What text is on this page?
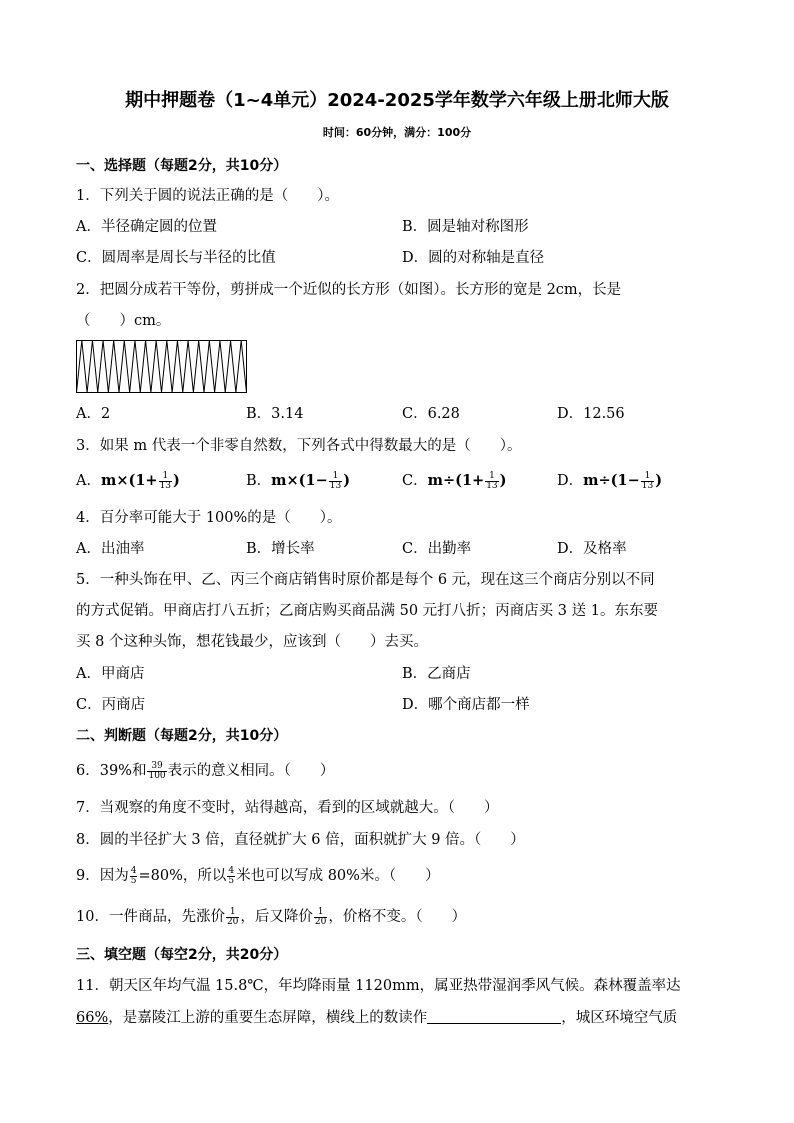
期中押题卷（1~4单元）2024-2025学年数学六年级上册北师大版
时间：60分钟，满分：100分
一、选择题（每题2分，共10分）
1．下列关于圆的说法正确的是（　　）。
A．半径确定圆的位置	B．圆是轴对称图形
C．圆周率是周长与半径的比值	D．圆的对称轴是直径
2．把圆分成若干等份，剪拼成一个近似的长方形（如图）。长方形的宽是 2cm，长是
（　　）cm。
A．2	B．3.14	C．6.28	D．12.56
3．如果 m 代表一个非零自然数，下列各式中得数最大的是（　　）。
A．$m\times(1+ \frac{1}{13}$ )	B．$m\times(1- \frac{1}{13}$ )	C．$m\div(1+ \frac{1}{13}$ )	D．$m\div(1- \frac{1}{13}$ )
4．百分率可能大于 100%的是（　　）。
A．出油率	B．增长率	C．出勤率	D．及格率
5．一种头饰在甲、乙、丙三个商店销售时原价都是每个 6 元，现在这三个商店分别以不同
的方式促销。甲商店打八五折；乙商店购买商品满 50 元打八折；丙商店买 3 送 1。东东要
买 8 个这种头饰，想花钱最少，应该到（　　）去买。
A．甲商店	B．乙商店
C．丙商店	D．哪个商店都一样
二、判断题（每题2分，共10分）
6．39%和 $\frac{39}{100}$ 表示的意义相同。（　　）
7．当观察的角度不变时，站得越高，看到的区域就越大。（　　）
8．圆的半径扩大 3 倍，直径就扩大 6 倍，面积就扩大 9 倍。（　　）
9．因为 $\frac{4}{5} =80\%$，所以 $\frac{4}{5}$ 米也可以写成 80%米。（　　）
10．一件商品，先涨价 $\frac{1}{20}$ ，后又降价 $\frac{1}{20}$ ，价格不变。（　　）
三、填空题（每空2分，共20分）
11．朝天区年均气温 15.8℃，年均降雨量 1120mm，属亚热带湿润季风气候。森林覆盖率达
66%，是嘉陵江上游的重要生态屏障，横线上的数读作	，城区环境空气质
